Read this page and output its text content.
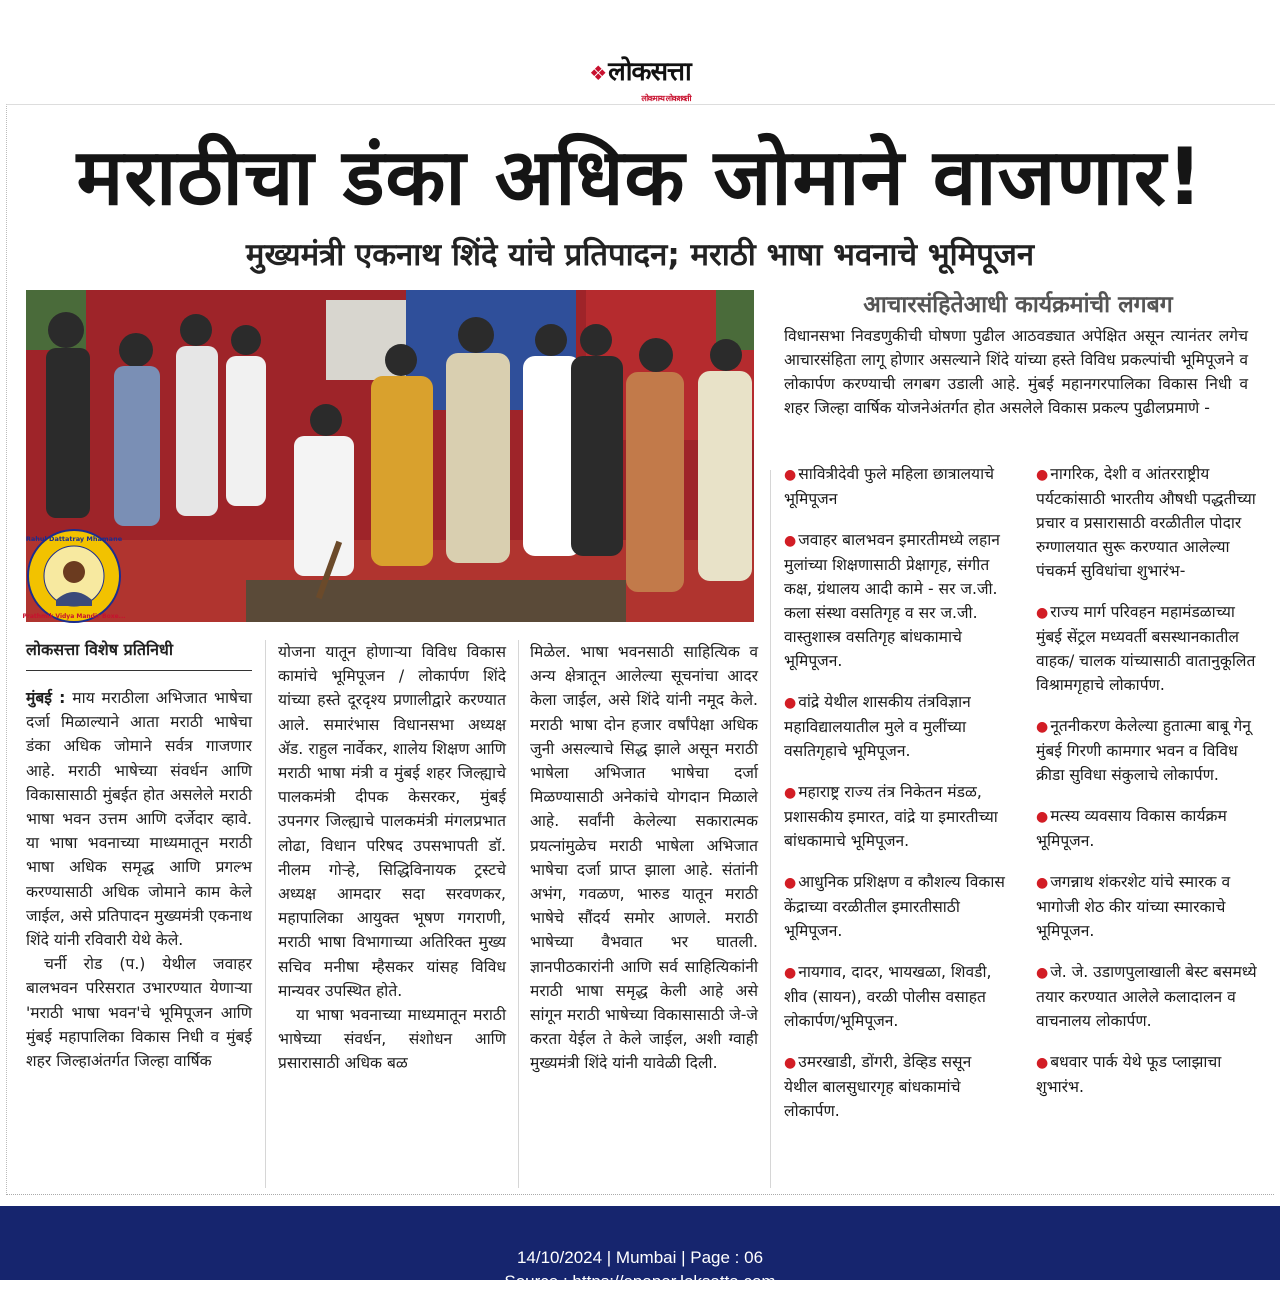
❖लोकसत्ता
लोकमान्य लोकशक्ती
मराठीचा डंका अधिक जोमाने वाजणार!
मुख्यमंत्री एकनाथ शिंदे यांचे प्रतिपादन; मराठी भाषा भवनाचे भूमिपूजन
Rahul Dattatray Mhamane
Prathmik Vidya Mandir Boxe...
आचारसंहितेआधी कार्यक्रमांची लगबग
विधानसभा निवडणुकीची घोषणा पुढील आठवड्यात अपेक्षित असून त्यानंतर लगेच आचारसंहिता लागू होणार असल्याने शिंदे यांच्या हस्ते विविध प्रकल्पांची भूमिपूजने व लोकार्पण करण्याची लगबग उडाली आहे. मुंबई महानगरपालिका विकास निधी व शहर जिल्हा वार्षिक योजनेअंतर्गत होत असलेले विकास प्रकल्प पुढीलप्रमाणे -
● सावित्रीदेवी फुले महिला छात्रालयाचे भूमिपूजन
● जवाहर बालभवन इमारतीमध्ये लहान मुलांच्या शिक्षणासाठी प्रेक्षागृह, संगीत कक्ष, ग्रंथालय आदी कामे - सर ज.जी. कला संस्था वसतिगृह व सर ज.जी. वास्तुशास्त्र वसतिगृह बांधकामाचे भूमिपूजन.
● वांद्रे येथील शासकीय तंत्रविज्ञान महाविद्यालयातील मुले व मुलींच्या वसतिगृहाचे भूमिपूजन.
● महाराष्ट्र राज्य तंत्र निकेतन मंडळ, प्रशासकीय इमारत, वांद्रे या इमारतीच्या बांधकामाचे भूमिपूजन.
● आधुनिक प्रशिक्षण व कौशल्य विकास केंद्राच्या वरळीतील इमारतीसाठी भूमिपूजन.
● नायगाव, दादर, भायखळा, शिवडी, शीव (सायन), वरळी पोलीस वसाहत लोकार्पण/भूमिपूजन.
● उमरखाडी, डोंगरी, डेव्हिड ससून येथील बालसुधारगृह बांधकामांचे लोकार्पण.
● नागरिक, देशी व आंतरराष्ट्रीय पर्यटकांसाठी भारतीय औषधी पद्धतीच्या प्रचार व प्रसारासाठी वरळीतील पोदार रुग्णालयात सुरू करण्यात आलेल्या पंचकर्म सुविधांचा शुभारंभ-
● राज्य मार्ग परिवहन महामंडळाच्या मुंबई सेंट्रल मध्यवर्ती बसस्थानकातील वाहक/ चालक यांच्यासाठी वातानुकूलित विश्रामगृहाचे लोकार्पण.
● नूतनीकरण केलेल्या हुतात्मा बाबू गेनू मुंबई गिरणी कामगार भवन व विविध क्रीडा सुविधा संकुलाचे लोकार्पण.
● मत्स्य व्यवसाय विकास कार्यक्रम भूमिपूजन.
● जगन्नाथ शंकरशेट यांचे स्मारक व भागोजी शेठ कीर यांच्या स्मारकाचे भूमिपूजन.
● जे. जे. उडाणपुलाखाली बेस्ट बसमध्ये तयार करण्यात आलेले कलादालन व वाचनालय लोकार्पण.
● बधवार पार्क येथे फूड प्लाझाचा शुभारंभ.
लोकसत्ता विशेष प्रतिनिधी

मुंबई : माय मराठीला अभिजात भाषेचा दर्जा मिळाल्याने आता मराठी भाषेचा डंका अधिक जोमाने सर्वत्र गाजणार आहे. मराठी भाषेच्या संवर्धन आणि विकासासाठी मुंबईत होत असलेले मराठी भाषा भवन उत्तम आणि दर्जेदार व्हावे. या भाषा भवनाच्या माध्यमातून मराठी भाषा अधिक समृद्ध आणि प्रगल्भ करण्यासाठी अधिक जोमाने काम केले जाईल, असे प्रतिपादन मुख्यमंत्री एकनाथ शिंदे यांनी रविवारी येथे केले.

चर्नी रोड (प.) येथील जवाहर बालभवन परिसरात उभारण्यात येणाऱ्या 'मराठी भाषा भवन'चे भूमिपूजन आणि मुंबई महापालिका विकास निधी व मुंबई शहर जिल्हाअंतर्गत जिल्हा वार्षिक

योजना यातून होणाऱ्या विविध विकास कामांचे भूमिपूजन / लोकार्पण शिंदे यांच्या हस्ते दूरदृश्य प्रणालीद्वारे करण्यात आले. समारंभास विधानसभा अध्यक्ष ॲड. राहुल नार्वेकर, शालेय शिक्षण आणि मराठी भाषा मंत्री व मुंबई शहर जिल्ह्याचे पालकमंत्री दीपक केसरकर, मुंबई उपनगर जिल्ह्याचे पालकमंत्री मंगलप्रभात लोढा, विधान परिषद उपसभापती डॉ. नीलम गोऱ्हे, सिद्धिविनायक ट्रस्टचे अध्यक्ष आमदार सदा सरवणकर, महापालिका आयुक्त भूषण गगराणी, मराठी भाषा विभागाच्या अतिरिक्त मुख्य सचिव मनीषा म्हैसकर यांसह विविध मान्यवर उपस्थित होते.

या भाषा भवनाच्या माध्यमातून मराठी भाषेच्या संवर्धन, संशोधन आणि प्रसारासाठी अधिक बळ

मिळेल. भाषा भवनसाठी साहित्यिक व अन्य क्षेत्रातून आलेल्या सूचनांचा आदर केला जाईल, असे शिंदे यांनी नमूद केले. मराठी भाषा दोन हजार वर्षांपेक्षा अधिक जुनी असल्याचे सिद्ध झाले असून मराठी भाषेला अभिजात भाषेचा दर्जा मिळण्यासाठी अनेकांचे योगदान मिळाले आहे. सर्वांनी केलेल्या सकारात्मक प्रयत्नांमुळेच मराठी भाषेला अभिजात भाषेचा दर्जा प्राप्त झाला आहे. संतांनी अभंग, गवळण, भारुड यातून मराठी भाषेचे सौंदर्य समोर आणले. मराठी भाषेच्या वैभवात भर घातली. ज्ञानपीठकारांनी आणि सर्व साहित्यिकांनी मराठी भाषा समृद्ध केली आहे असे सांगून मराठी भाषेच्या विकासासाठी जे-जे करता येईल ते केले जाईल, अशी ग्वाही मुख्यमंत्री शिंदे यांनी यावेळी दिली.

14/10/2024 | Mumbai | Page : 06
Source : https://epaper.loksatta.com
